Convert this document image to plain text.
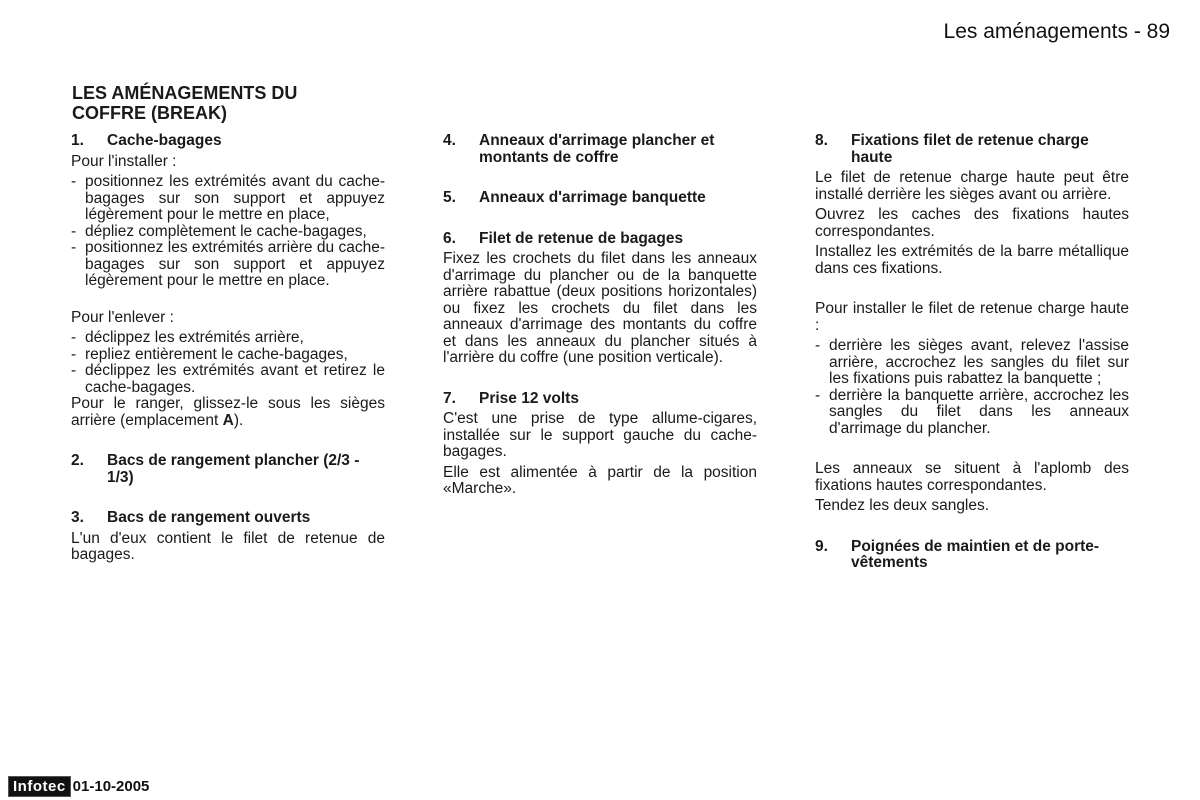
Les aménagements - 89
LES AMÉNAGEMENTS DU
COFFRE (BREAK)
1.	Cache-bagages

Pour l'installer :

- positionnez les extrémités avant du cache-bagages sur son support et appuyez légèrement pour le mettre en place,
- dépliez complètement le cache-bagages,
- positionnez les extrémités arrière du cache-bagages sur son support et appuyez légèrement pour le mettre en place.

Pour l'enlever :

- déclippez les extrémités arrière,
- repliez entièrement le cache-bagages,
- déclippez les extrémités avant et retirez le cache-bagages.

Pour le ranger, glissez-le sous les sièges arrière (emplacement A).

2.	Bacs de rangement plancher (2/3 - 1/3)
3.	Bacs de rangement ouverts

L'un d'eux contient le filet de retenue de bagages.

4.	Anneaux d'arrimage plancher et montants de coffre
5.	Anneaux d'arrimage banquette
6.	Filet de retenue de bagages

Fixez les crochets du filet dans les anneaux d'arrimage du plancher ou de la banquette arrière rabattue (deux positions horizontales) ou fixez les crochets du filet dans les anneaux d'arrimage des montants du coffre et dans les anneaux du plancher situés à l'arrière du coffre (une position verticale).

7.	Prise 12 volts

C'est une prise de type allume-cigares, installée sur le support gauche du cache-bagages.

Elle est alimentée à partir de la position «Marche».

8.	Fixations filet de retenue charge haute

Le filet de retenue charge haute peut être installé derrière les sièges avant ou arrière.

Ouvrez les caches des fixations hautes correspondantes.

Installez les extrémités de la barre métallique dans ces fixations.

Pour installer le filet de retenue charge haute :

- derrière les sièges avant, relevez l'assise arrière, accrochez les sangles du filet sur les fixations puis rabattez la banquette ;
- derrière la banquette arrière, accrochez les sangles du filet dans les anneaux d'arrimage du plancher.

Les anneaux se situent à l'aplomb des fixations hautes correspondantes.

Tendez les deux sangles.

9.	Poignées de maintien et de porte-vêtements
Infotec 01-10-2005
